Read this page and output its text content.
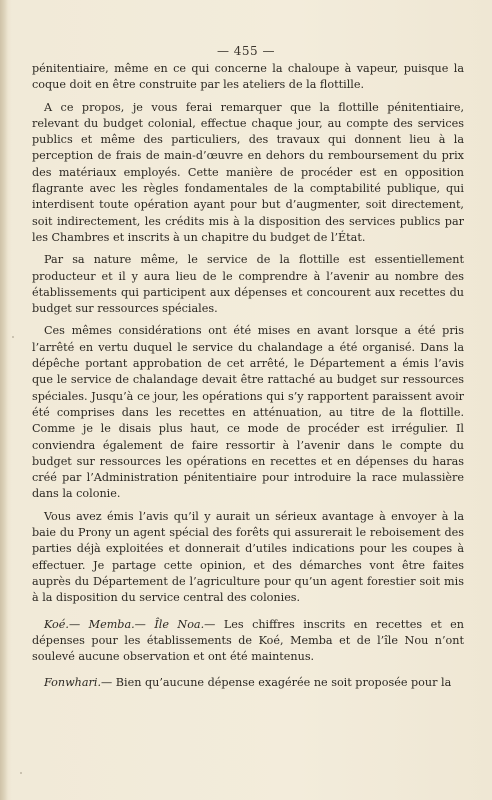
— 455 —

pénitentiaire, même en ce qui concerne la chaloupe à vapeur, puisque la coque doit en être construite par les ateliers de la flottille.

A ce propos, je vous ferai remarquer que la flottille pénitentiaire, relevant du budget colonial, effectue chaque jour, au compte des services publics et même des particuliers, des travaux qui donnent lieu à la perception de frais de main-d’œuvre en dehors du remboursement du prix des matériaux employés. Cette manière de procéder est en opposition flagrante avec les règles fondamentales de la comptabilité publique, qui interdisent toute opération ayant pour but d’augmenter, soit directement, soit indirectement, les crédits mis à la disposition des services publics par les Chambres et inscrits à un chapitre du budget de l’État.

Par sa nature même, le service de la flottille est essentiellement producteur et il y aura lieu de le comprendre à l’avenir au nombre des établissements qui participent aux dépenses et concourent aux recettes du budget sur ressources spéciales.

Ces mêmes considérations ont été mises en avant lorsque a été pris l’arrêté en vertu duquel le service du chalandage a été organisé. Dans la dépêche portant approbation de cet arrêté, le Département a émis l’avis que le service de chalandage devait être rattaché au budget sur ressources spéciales. Jusqu’à ce jour, les opérations qui s’y rapportent paraissent avoir été comprises dans les recettes en atténuation, au titre de la flottille. Comme je le disais plus haut, ce mode de procéder est irrégulier. Il conviendra également de faire ressortir à l’avenir dans le compte du budget sur ressources les opérations en recettes et en dépenses du haras créé par l’Administration pénitentiaire pour introduire la race mulassière dans la colonie.

Vous avez émis l’avis qu’il y aurait un sérieux avantage à envoyer à la baie du Prony un agent spécial des forêts qui assurerait le reboisement des parties déjà exploitées et donnerait d’utiles indications pour les coupes à effectuer. Je partage cette opinion, et des démarches vont être faites auprès du Département de l’agriculture pour qu’un agent forestier soit mis à la disposition du service central des colonies.

Koé.— Memba.— Île Noa.— Les chiffres inscrits en recettes et en dépenses pour les établissements de Koé, Memba et de l’île Nou n’ont soulevé aucune observation et ont été maintenus.

Fonwhari.— Bien qu’aucune dépense exagérée ne soit proposée pour la
